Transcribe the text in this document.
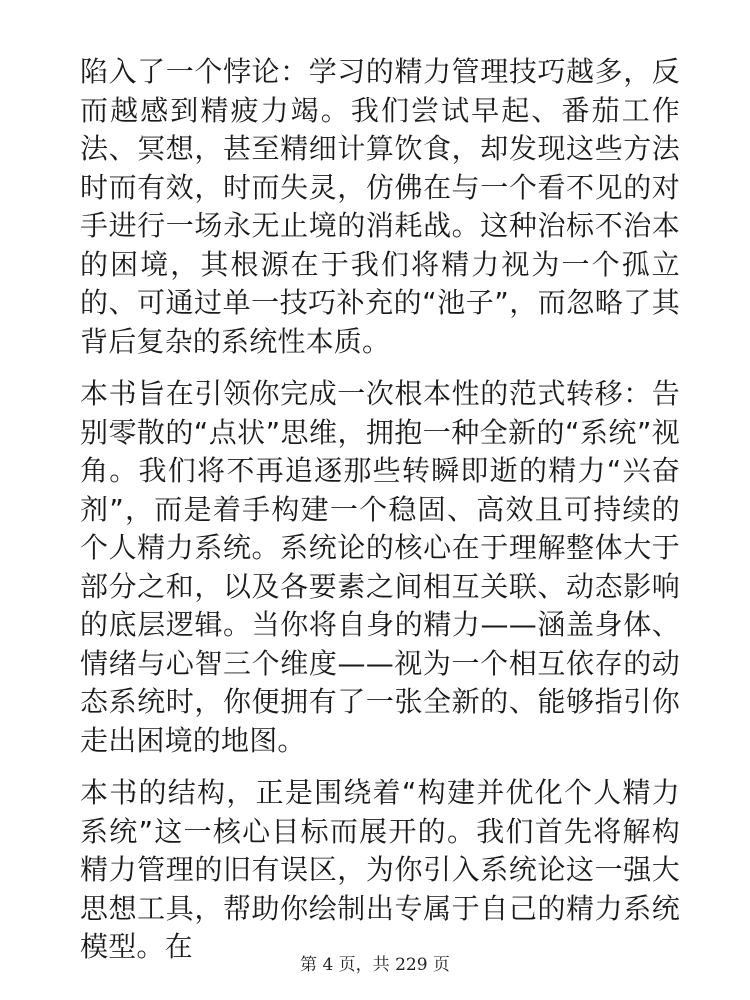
陷入了一个悖论：学习的精力管理技巧越多，反而越感到精疲力竭。我们尝试早起、番茄工作法、冥想，甚至精细计算饮食，却发现这些方法时而有效，时而失灵，仿佛在与一个看不见的对手进行一场永无止境的消耗战。这种治标不治本的困境，其根源在于我们将精力视为一个孤立的、可通过单一技巧补充的“池子”，而忽略了其背后复杂的系统性本质。

本书旨在引领你完成一次根本性的范式转移：告别零散的“点状”思维，拥抱一种全新的“系统”视角。我们将不再追逐那些转瞬即逝的精力“兴奋剂”，而是着手构建一个稳固、高效且可持续的个人精力系统。系统论的核心在于理解整体大于部分之和，以及各要素之间相互关联、动态影响的底层逻辑。当你将自身的精力——涵盖身体、情绪与心智三个维度——视为一个相互依存的动态系统时，你便拥有了一张全新的、能够指引你走出困境的地图。

本书的结构，正是围绕着“构建并优化个人精力系统”这一核心目标而展开的。我们首先将解构精力管理的旧有误区，为你引入系统论这一强大思想工具，帮助你绘制出专属于自己的精力系统模型。在

第 4 页，共 229 页
